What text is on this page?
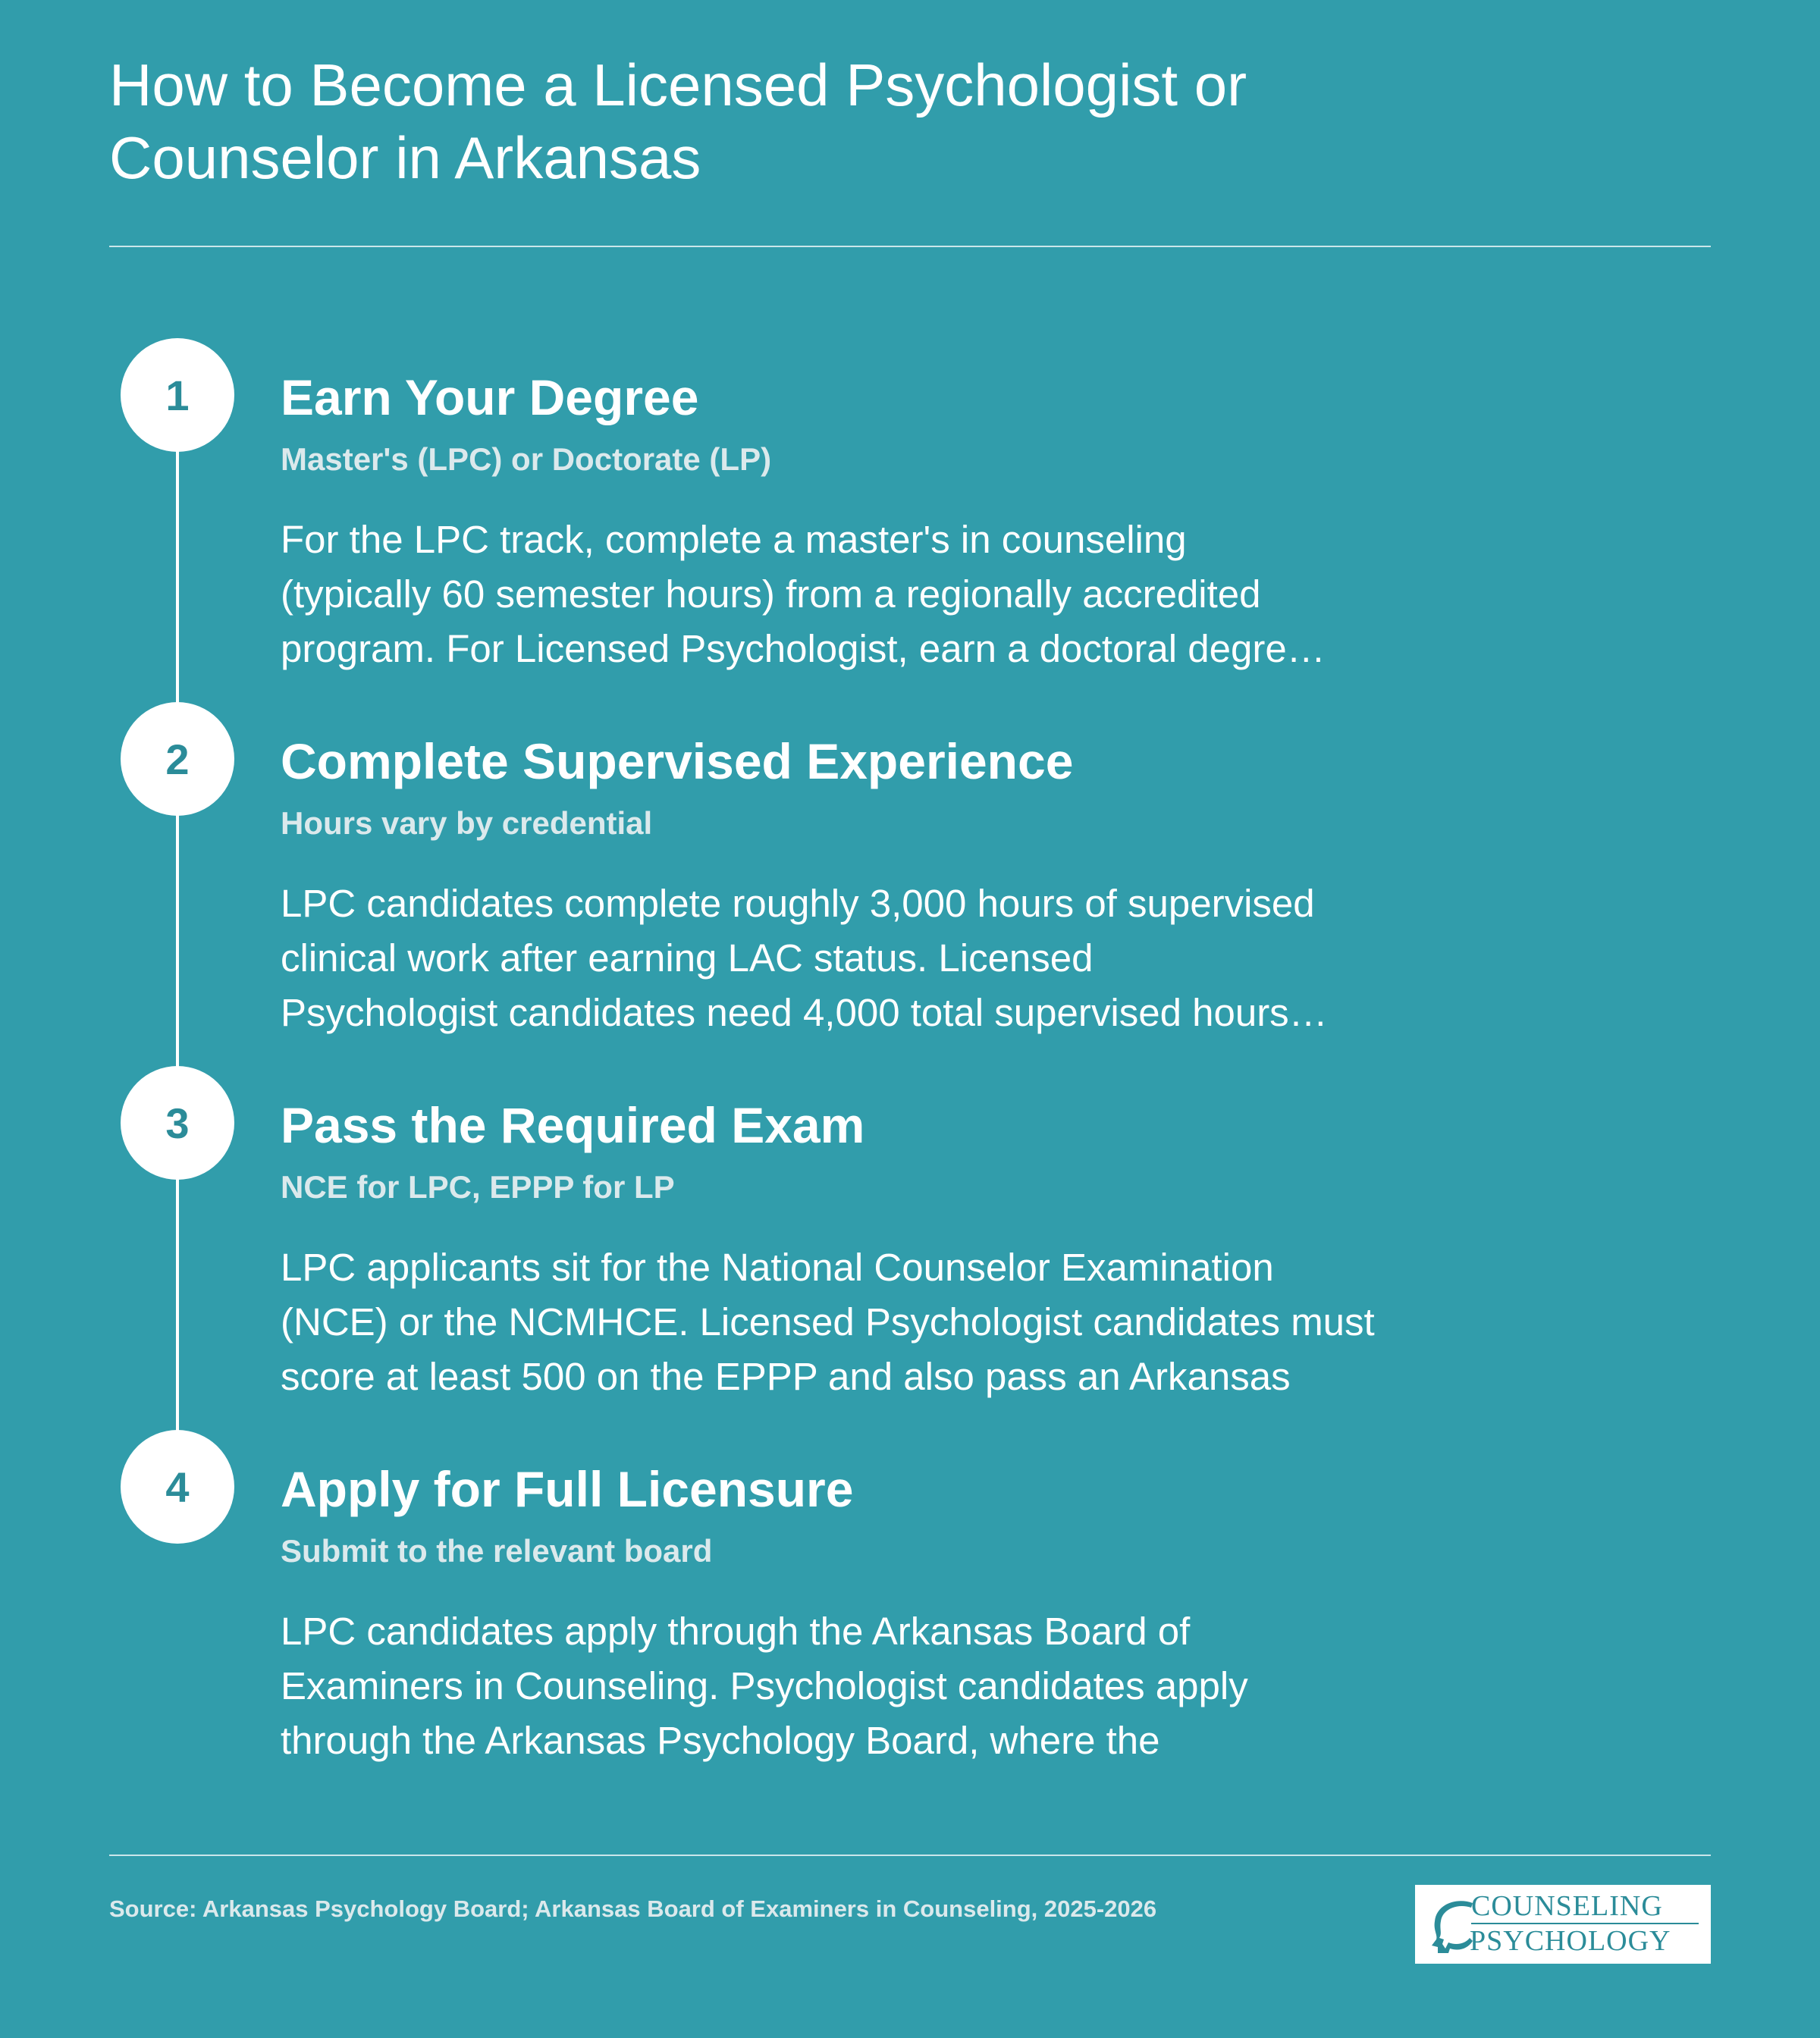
How to Become a Licensed Psychologist or
Counselor in Arkansas
1	Earn Your Degree
Master's (LPC) or Doctorate (LP)
For the LPC track, complete a master's in counseling
(typically 60 semester hours) from a regionally accredited
program. For Licensed Psychologist, earn a doctoral degre…
2	Complete Supervised Experience
Hours vary by credential
LPC candidates complete roughly 3,000 hours of supervised
clinical work after earning LAC status. Licensed
Psychologist candidates need 4,000 total supervised hours…
3	Pass the Required Exam
NCE for LPC, EPPP for LP
LPC applicants sit for the National Counselor Examination
(NCE) or the NCMHCE. Licensed Psychologist candidates must
score at least 500 on the EPPP and also pass an Arkansas
4	Apply for Full Licensure
Submit to the relevant board
LPC candidates apply through the Arkansas Board of
Examiners in Counseling. Psychologist candidates apply
through the Arkansas Psychology Board, where the
Source: Arkansas Psychology Board; Arkansas Board of Examiners in Counseling, 2025-2026	COUNSELING
PSYCHOLOGY
